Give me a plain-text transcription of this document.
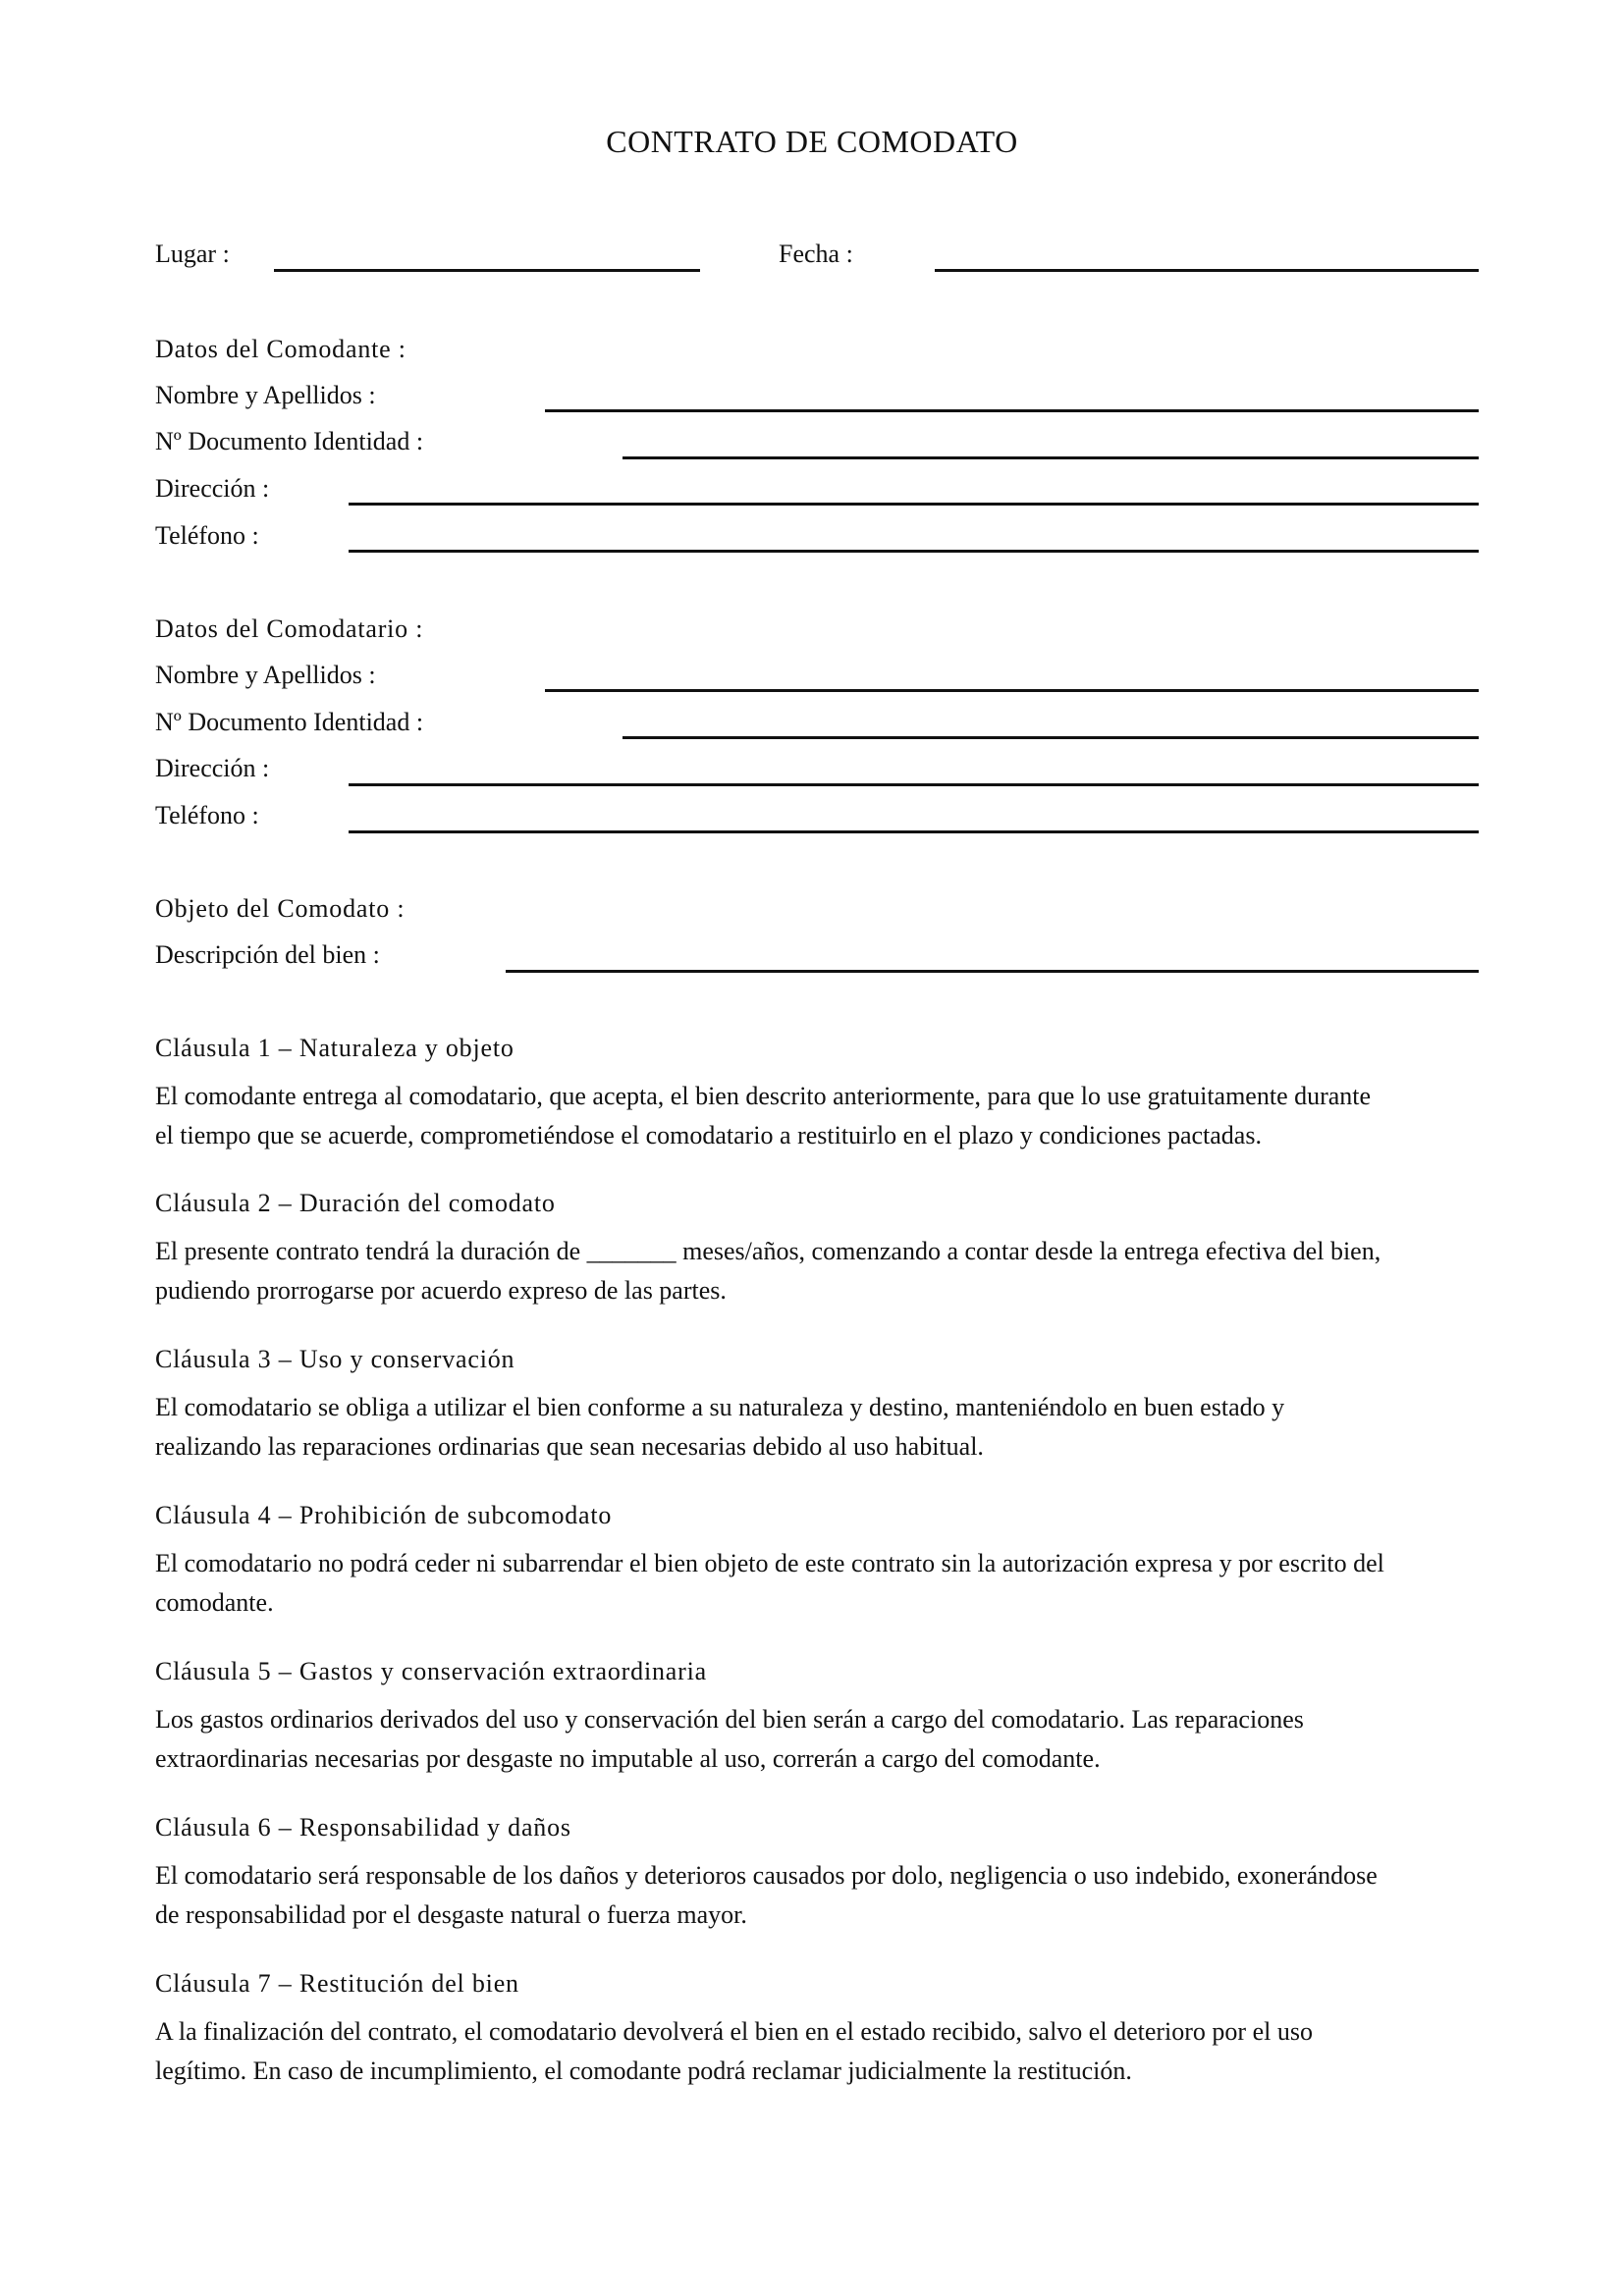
CONTRATO DE COMODATO
Lugar :	Fecha :
Datos del Comodante :
Nombre y Apellidos :
Nº Documento Identidad :
Dirección :
Teléfono :
Datos del Comodatario :
Nombre y Apellidos :
Nº Documento Identidad :
Dirección :
Teléfono :
Objeto del Comodato :
Descripción del bien :
Cláusula 1 – Naturaleza y objeto
El comodante entrega al comodatario, que acepta, el bien descrito anteriormente, para que lo use gratuitamente durante
el tiempo que se acuerde, comprometiéndose el comodatario a restituirlo en el plazo y condiciones pactadas.
Cláusula 2 – Duración del comodato
El presente contrato tendrá la duración de _______ meses/años, comenzando a contar desde la entrega efectiva del bien,
pudiendo prorrogarse por acuerdo expreso de las partes.
Cláusula 3 – Uso y conservación
El comodatario se obliga a utilizar el bien conforme a su naturaleza y destino, manteniéndolo en buen estado y
realizando las reparaciones ordinarias que sean necesarias debido al uso habitual.
Cláusula 4 – Prohibición de subcomodato
El comodatario no podrá ceder ni subarrendar el bien objeto de este contrato sin la autorización expresa y por escrito del
comodante.
Cláusula 5 – Gastos y conservación extraordinaria
Los gastos ordinarios derivados del uso y conservación del bien serán a cargo del comodatario. Las reparaciones
extraordinarias necesarias por desgaste no imputable al uso, correrán a cargo del comodante.
Cláusula 6 – Responsabilidad y daños
El comodatario será responsable de los daños y deterioros causados por dolo, negligencia o uso indebido, exonerándose
de responsabilidad por el desgaste natural o fuerza mayor.
Cláusula 7 – Restitución del bien
A la finalización del contrato, el comodatario devolverá el bien en el estado recibido, salvo el deterioro por el uso
legítimo. En caso de incumplimiento, el comodante podrá reclamar judicialmente la restitución.
